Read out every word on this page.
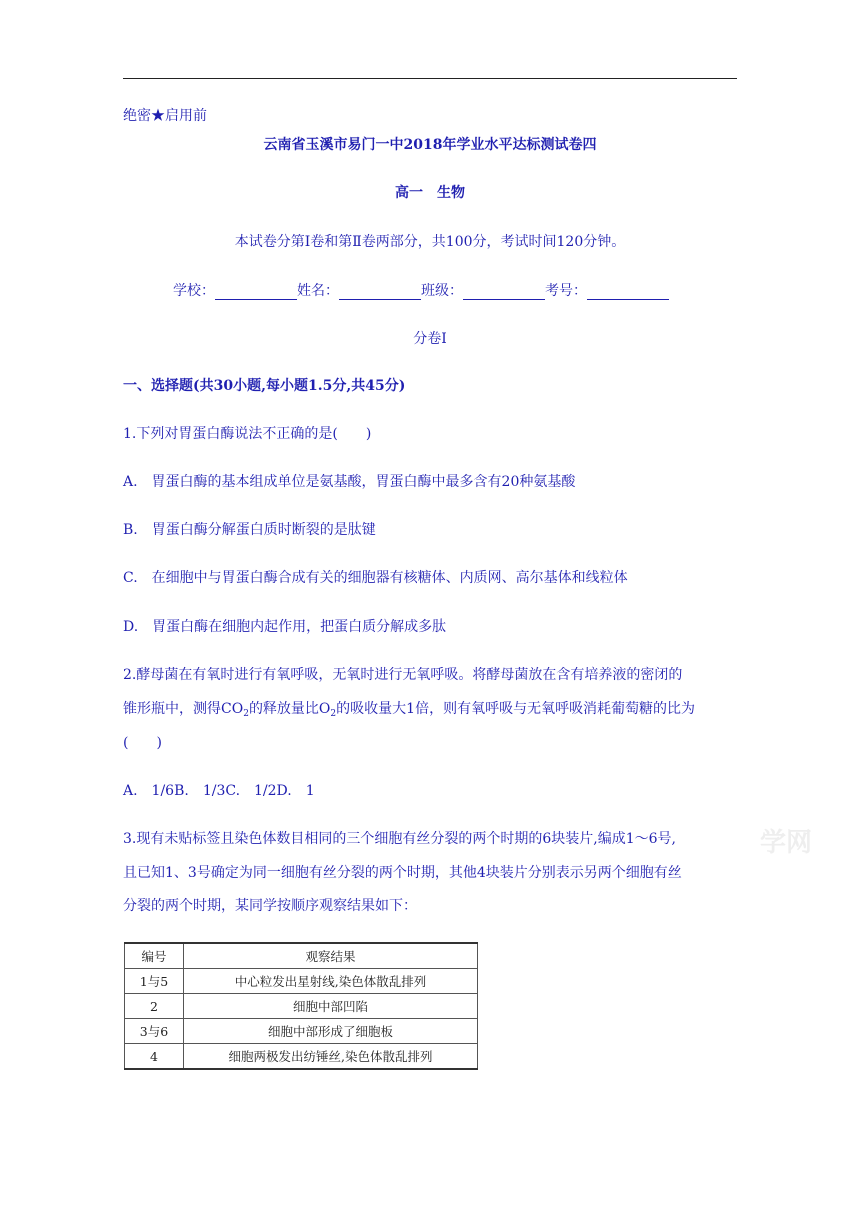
绝密★启用前
云南省玉溪市易门一中2018年学业水平达标测试卷四
高一　生物
本试卷分第Ⅰ卷和第Ⅱ卷两部分，共100分，考试时间120分钟。
学校：	姓名：	班级：	考号：
分卷I
一、选择题(共30小题,每小题1.5分,共45分)
1.下列对胃蛋白酶说法不正确的是(　　)
A.　胃蛋白酶的基本组成单位是氨基酸，胃蛋白酶中最多含有20种氨基酸
B.　胃蛋白酶分解蛋白质时断裂的是肽键
C.　在细胞中与胃蛋白酶合成有关的细胞器有核糖体、内质网、高尔基体和线粒体
D.　胃蛋白酶在细胞内起作用，把蛋白质分解成多肽
2.酵母菌在有氧时进行有氧呼吸，无氧时进行无氧呼吸。将酵母菌放在含有培养液的密闭的
锥形瓶中，测得$CO_2$的释放量比$O_2$的吸收量大1倍，则有氧呼吸与无氧呼吸消耗葡萄糖的比为
(　　)
A.　1/6B.　1/3C.　1/2D.　1
3.现有未贴标签且染色体数目相同的三个细胞有丝分裂的两个时期的6块装片,编成1～6号,
且已知1、3号确定为同一细胞有丝分裂的两个时期，其他4块装片分别表示另两个细胞有丝
分裂的两个时期，某同学按顺序观察结果如下：
学网
编号	观察结果
1与5	中心粒发出星射线,染色体散乱排列
2	细胞中部凹陷
3与6	细胞中部形成了细胞板
4	细胞两极发出纺锤丝,染色体散乱排列
